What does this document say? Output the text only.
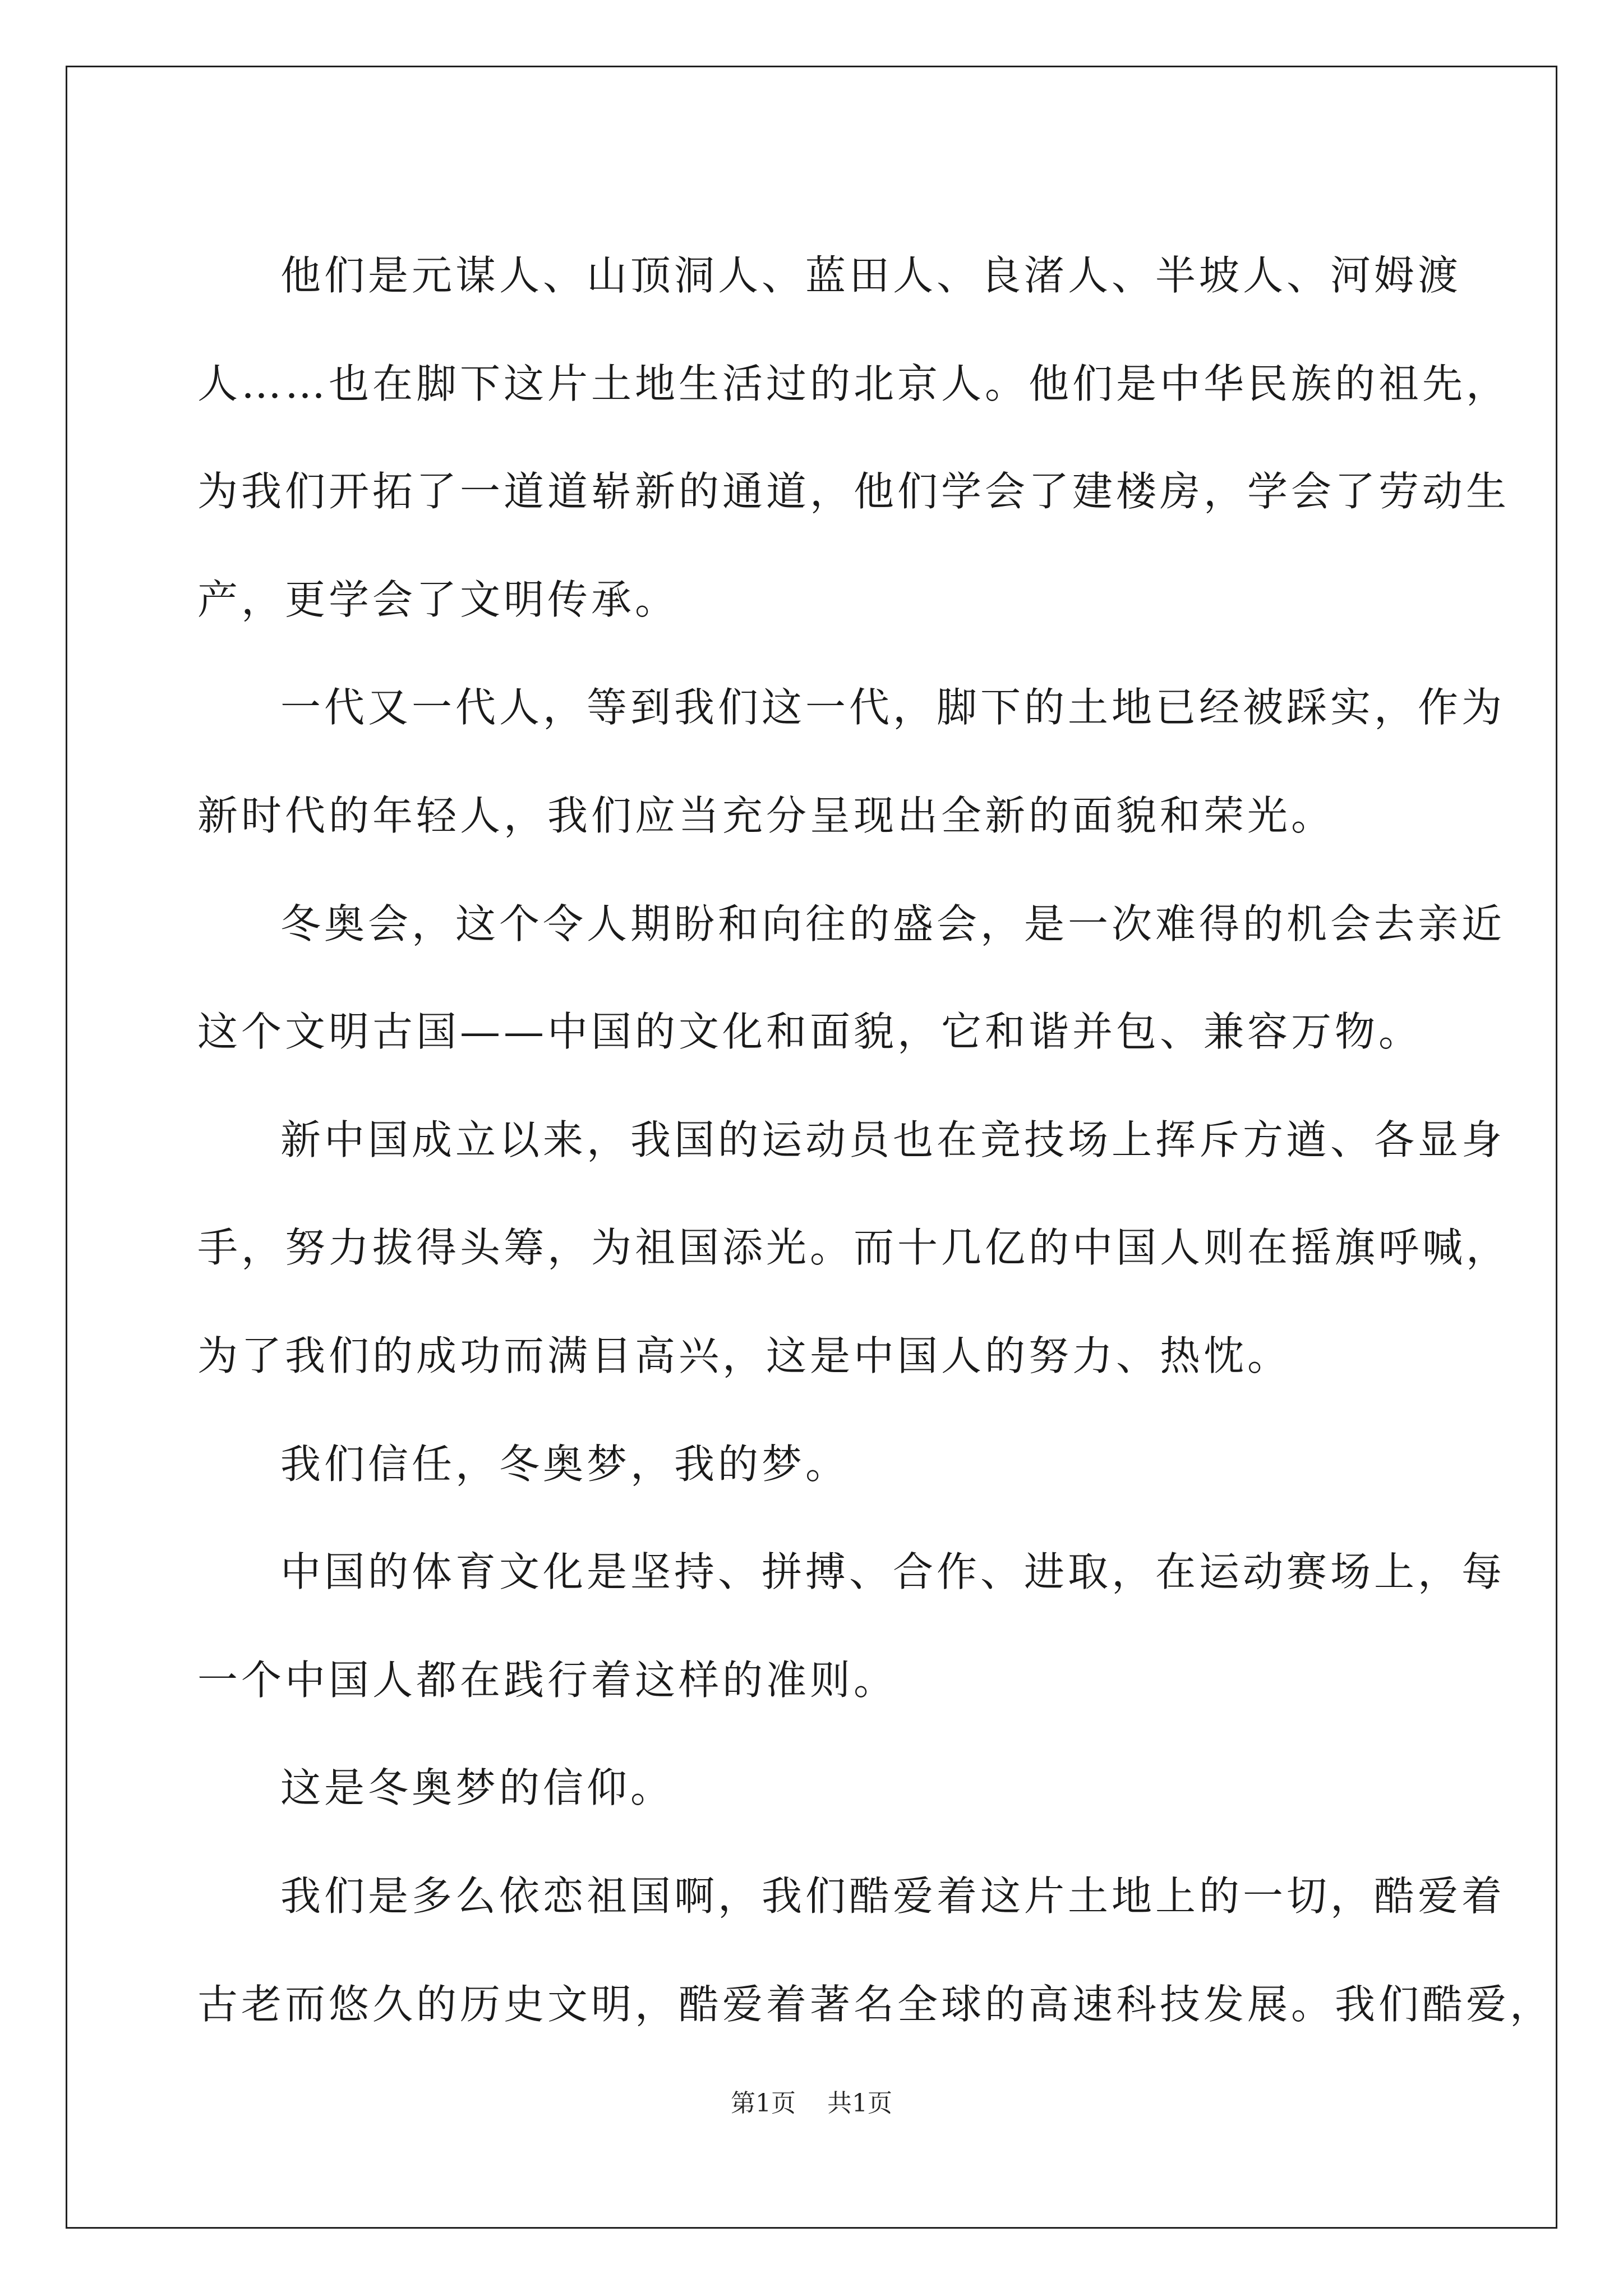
他们是元谋人、山顶洞人、蓝田人、良渚人、半坡人、河姆渡
人……也在脚下这片土地生活过的北京人。他们是中华民族的祖先，
为我们开拓了一道道崭新的通道，他们学会了建楼房，学会了劳动生
产，更学会了文明传承。
一代又一代人，等到我们这一代，脚下的土地已经被踩实，作为
新时代的年轻人，我们应当充分呈现出全新的面貌和荣光。
冬奥会，这个令人期盼和向往的盛会，是一次难得的机会去亲近
这个文明古国——中国的文化和面貌，它和谐并包、兼容万物。
新中国成立以来，我国的运动员也在竞技场上挥斥方遒、各显身
手，努力拔得头筹，为祖国添光。而十几亿的中国人则在摇旗呼喊，
为了我们的成功而满目高兴，这是中国人的努力、热忱。
我们信任，冬奥梦，我的梦。
中国的体育文化是坚持、拼搏、合作、进取，在运动赛场上，每
一个中国人都在践行着这样的准则。
这是冬奥梦的信仰。
我们是多么依恋祖国啊，我们酷爱着这片土地上的一切，酷爱着
古老而悠久的历史文明，酷爱着著名全球的高速科技发展。我们酷爱，
第1页    共1页
